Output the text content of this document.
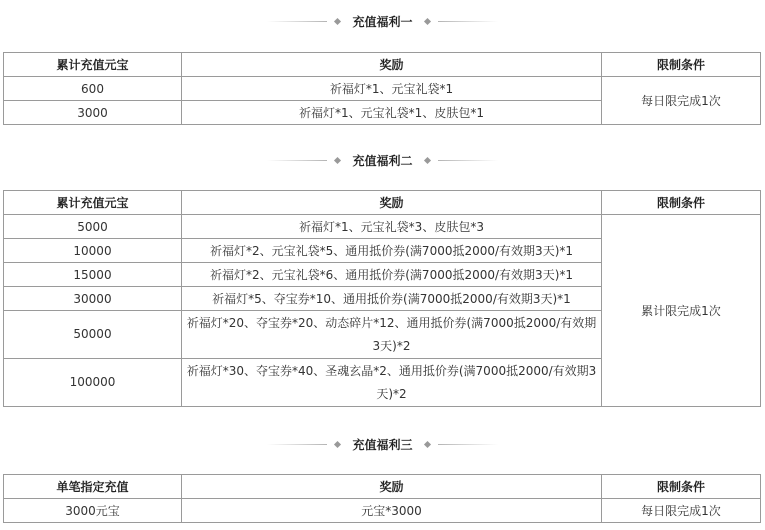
充值福利一
累计充值元宝	奖励	限制条件
600	祈福灯*1、元宝礼袋*1	每日限完成1次
3000	祈福灯*1、元宝礼袋*1、皮肤包*1	
充值福利二
累计充值元宝	奖励	限制条件
5000	祈福灯*1、元宝礼袋*3、皮肤包*3	累计限完成1次
10000	祈福灯*2、元宝礼袋*5、通用抵价券(满7000抵2000/有效期3天)*1	
15000	祈福灯*2、元宝礼袋*6、通用抵价券(满7000抵2000/有效期3天)*1	
30000	祈福灯*5、夺宝券*10、通用抵价券(满7000抵2000/有效期3天)*1	
50000	祈福灯*20、夺宝券*20、动态碎片*12、通用抵价券(满7000抵2000/有效期3天)*2	
100000	祈福灯*30、夺宝券*40、圣魂玄晶*2、通用抵价券(满7000抵2000/有效期3天)*2	
充值福利三
单笔指定充值	奖励	限制条件
3000元宝	元宝*3000	每日限完成1次
